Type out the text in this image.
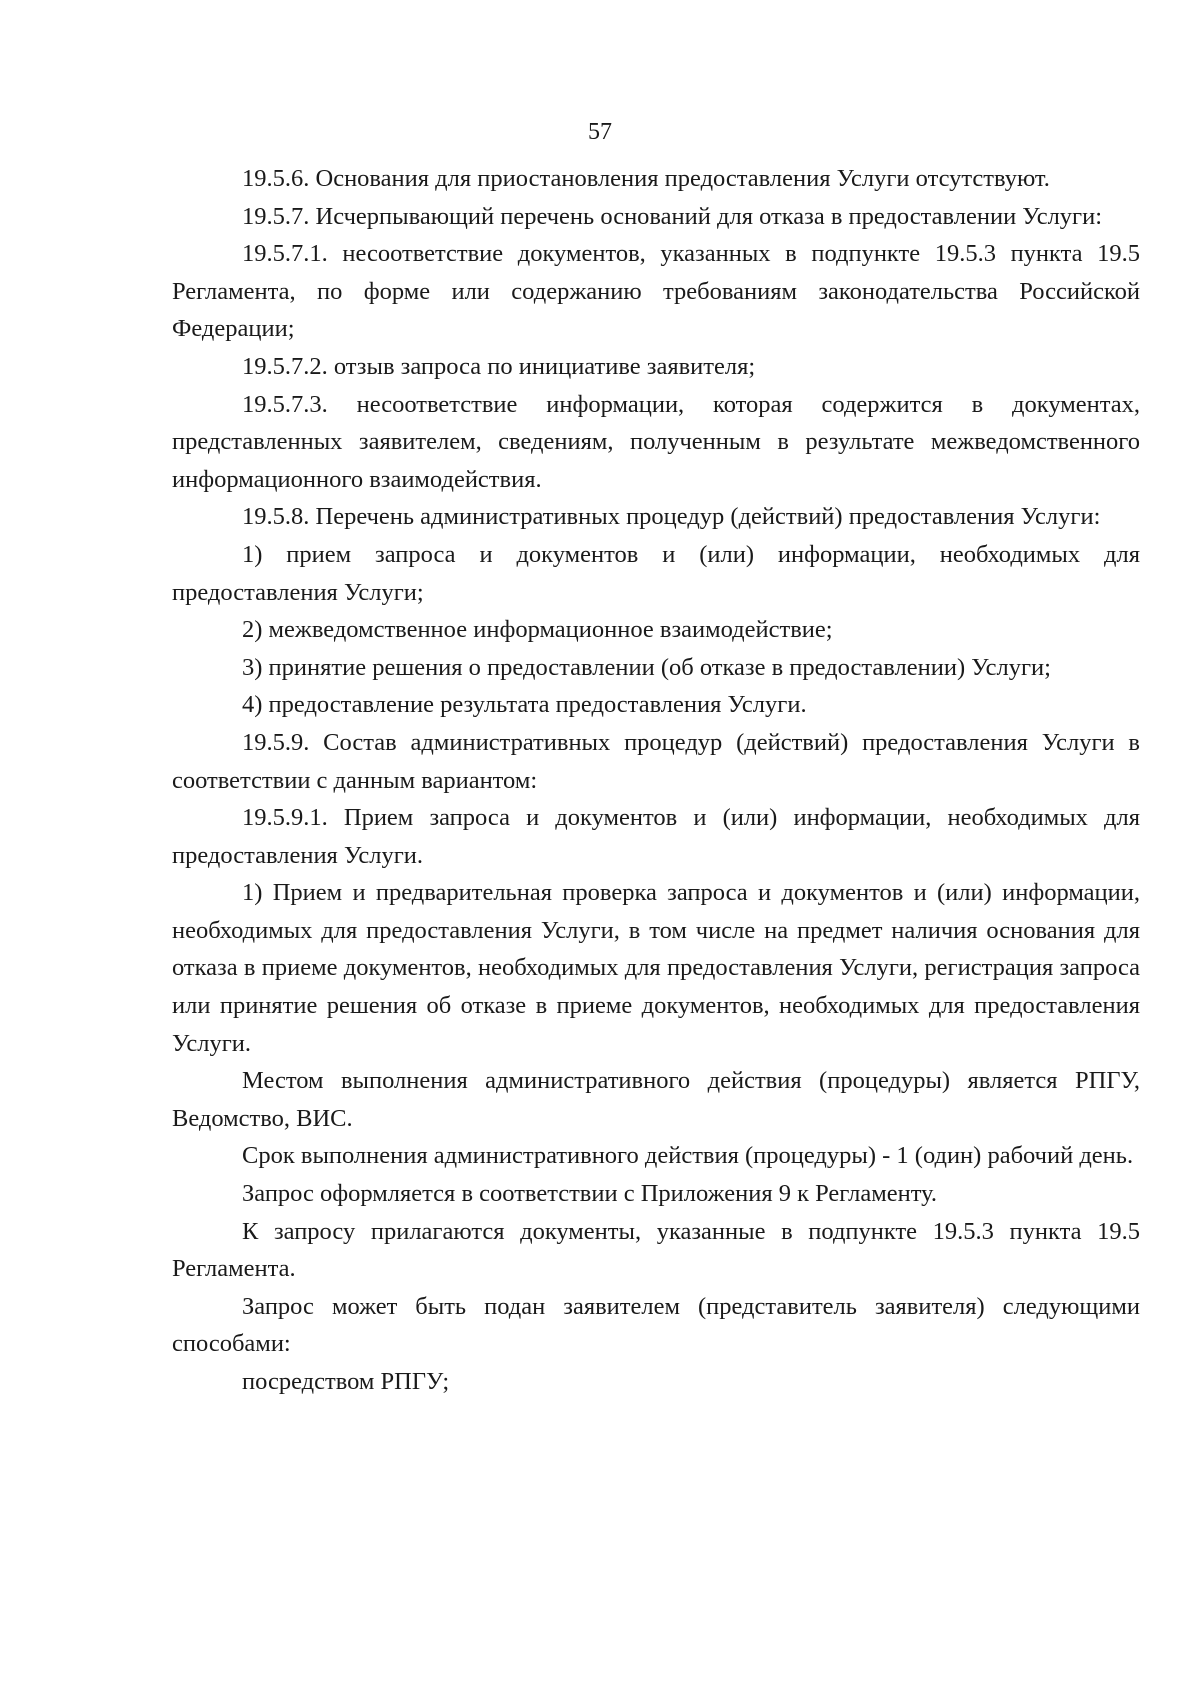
57

19.5.6. Основания для приостановления предоставления Услуги отсутствуют.

19.5.7. Исчерпывающий перечень оснований для отказа в предоставлении Услуги:

19.5.7.1. несоответствие документов, указанных в подпункте 19.5.3 пункта 19.5 Регламента, по форме или содержанию требованиям законодательства Российской Федерации;

19.5.7.2. отзыв запроса по инициативе заявителя;

19.5.7.3. несоответствие информации, которая содержится в документах, представленных заявителем, сведениям, полученным в результате межведомственного информационного взаимодействия.

19.5.8. Перечень административных процедур (действий) предоставления Услуги:

1) прием запроса и документов и (или) информации, необходимых для предоставления Услуги;

2) межведомственное информационное взаимодействие;

3) принятие решения о предоставлении (об отказе в предоставлении) Услуги;

4) предоставление результата предоставления Услуги.

19.5.9. Состав административных процедур (действий) предоставления Услуги в соответствии с данным вариантом:

19.5.9.1. Прием запроса и документов и (или) информации, необходимых для предоставления Услуги.

1) Прием и предварительная проверка запроса и документов и (или) информации, необходимых для предоставления Услуги, в том числе на предмет наличия основания для отказа в приеме документов, необходимых для предоставления Услуги, регистрация запроса или принятие решения об отказе в приеме документов, необходимых для предоставления Услуги.

Местом выполнения административного действия (процедуры) является РПГУ, Ведомство, ВИС.

Срок выполнения административного действия (процедуры) - 1 (один) рабочий день.

Запрос оформляется в соответствии с Приложения 9 к Регламенту.

К запросу прилагаются документы, указанные в подпункте 19.5.3 пункта 19.5 Регламента.

Запрос может быть подан заявителем (представитель заявителя) следующими способами:

посредством РПГУ;
